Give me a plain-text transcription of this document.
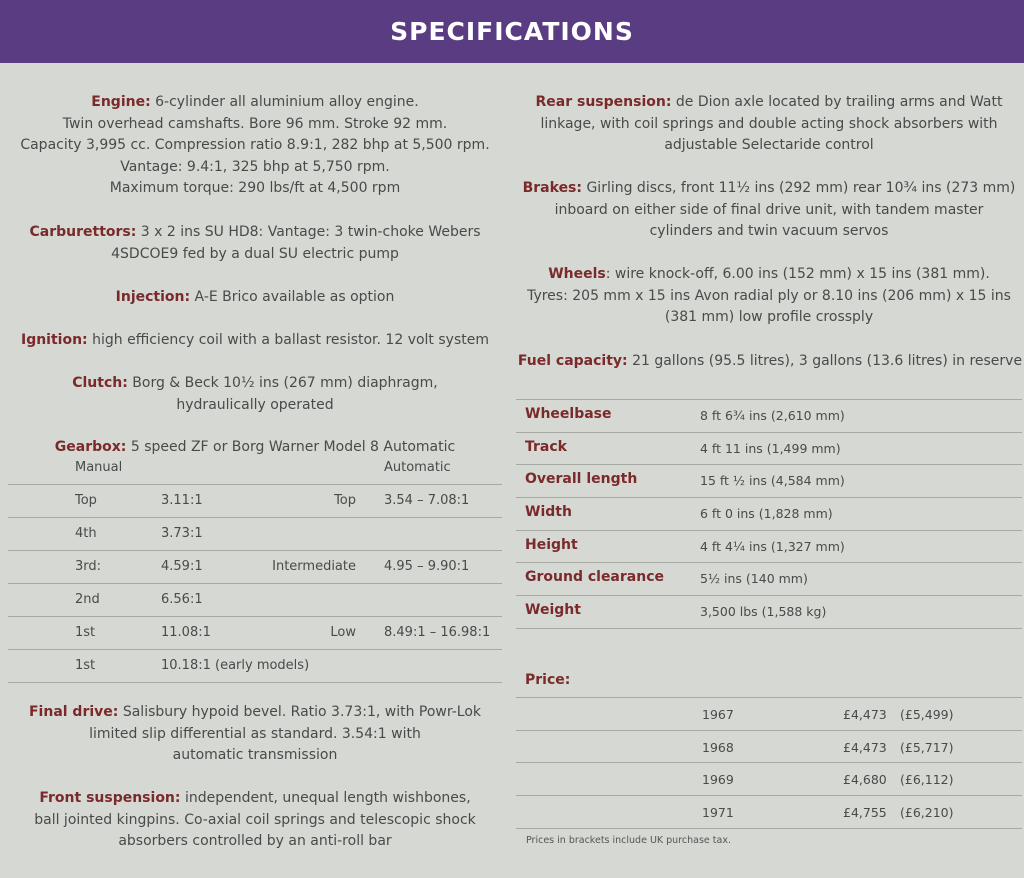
SPECIFICATIONS
Engine: 6-cylinder all aluminium alloy engine.
Twin overhead camshafts. Bore 96 mm. Stroke 92 mm.
Capacity 3,995 cc. Compression ratio 8.9:1, 282 bhp at 5,500 rpm.
Vantage: 9.4:1, 325 bhp at 5,750 rpm.
Maximum torque: 290 lbs/ft at 4,500 rpm
Carburettors: 3 x 2 ins SU HD8: Vantage: 3 twin-choke Webers
4SDCOE9 fed by a dual SU electric pump
Injection: A-E Brico available as option
Ignition: high efficiency coil with a ballast resistor. 12 volt system
Clutch: Borg & Beck 10½ ins (267 mm) diaphragm,
hydraulically operated
Gearbox: 5 speed ZF or Borg Warner Model 8 Automatic
Manual	Automatic
Top	3.11:1	Top 3.54 – 7.08:1
4th	3.73:1
3rd:	4.59:1	Intermediate 4.95 – 9.90:1
2nd	6.56:1
1st	11.08:1	Low 8.49:1 – 16.98:1
1st	10.18:1 (early models)
Final drive: Salisbury hypoid bevel. Ratio 3.73:1, with Powr-Lok
limited slip differential as standard. 3.54:1 with
automatic transmission
Front suspension: independent, unequal length wishbones,
ball jointed kingpins. Co-axial coil springs and telescopic shock
absorbers controlled by an anti-roll bar
Rear suspension: de Dion axle located by trailing arms and Watt
linkage, with coil springs and double acting shock absorbers with
adjustable Selectaride control
Brakes: Girling discs, front 11½ ins (292 mm) rear 10¾ ins (273 mm)
inboard on either side of final drive unit, with tandem master
cylinders and twin vacuum servos
Wheels: wire knock-off, 6.00 ins (152 mm) x 15 ins (381 mm).
Tyres: 205 mm x 15 ins Avon radial ply or 8.10 ins (206 mm) x 15 ins
(381 mm) low profile crossply
Fuel capacity: 21 gallons (95.5 litres), 3 gallons (13.6 litres) in reserve
Wheelbase	8 ft 6¾ ins (2,610 mm)
Track	4 ft 11 ins (1,499 mm)
Overall length	15 ft ½ ins (4,584 mm)
Width	6 ft 0 ins (1,828 mm)
Height	4 ft 4¼ ins (1,327 mm)
Ground clearance	5½ ins (140 mm)
Weight	3,500 lbs (1,588 kg)
Price:
1967	£4,473 (£5,499)
1968	£4,473 (£5,717)
1969	£4,680 (£6,112)
1971	£4,755 (£6,210)
Prices in brackets include UK purchase tax.
